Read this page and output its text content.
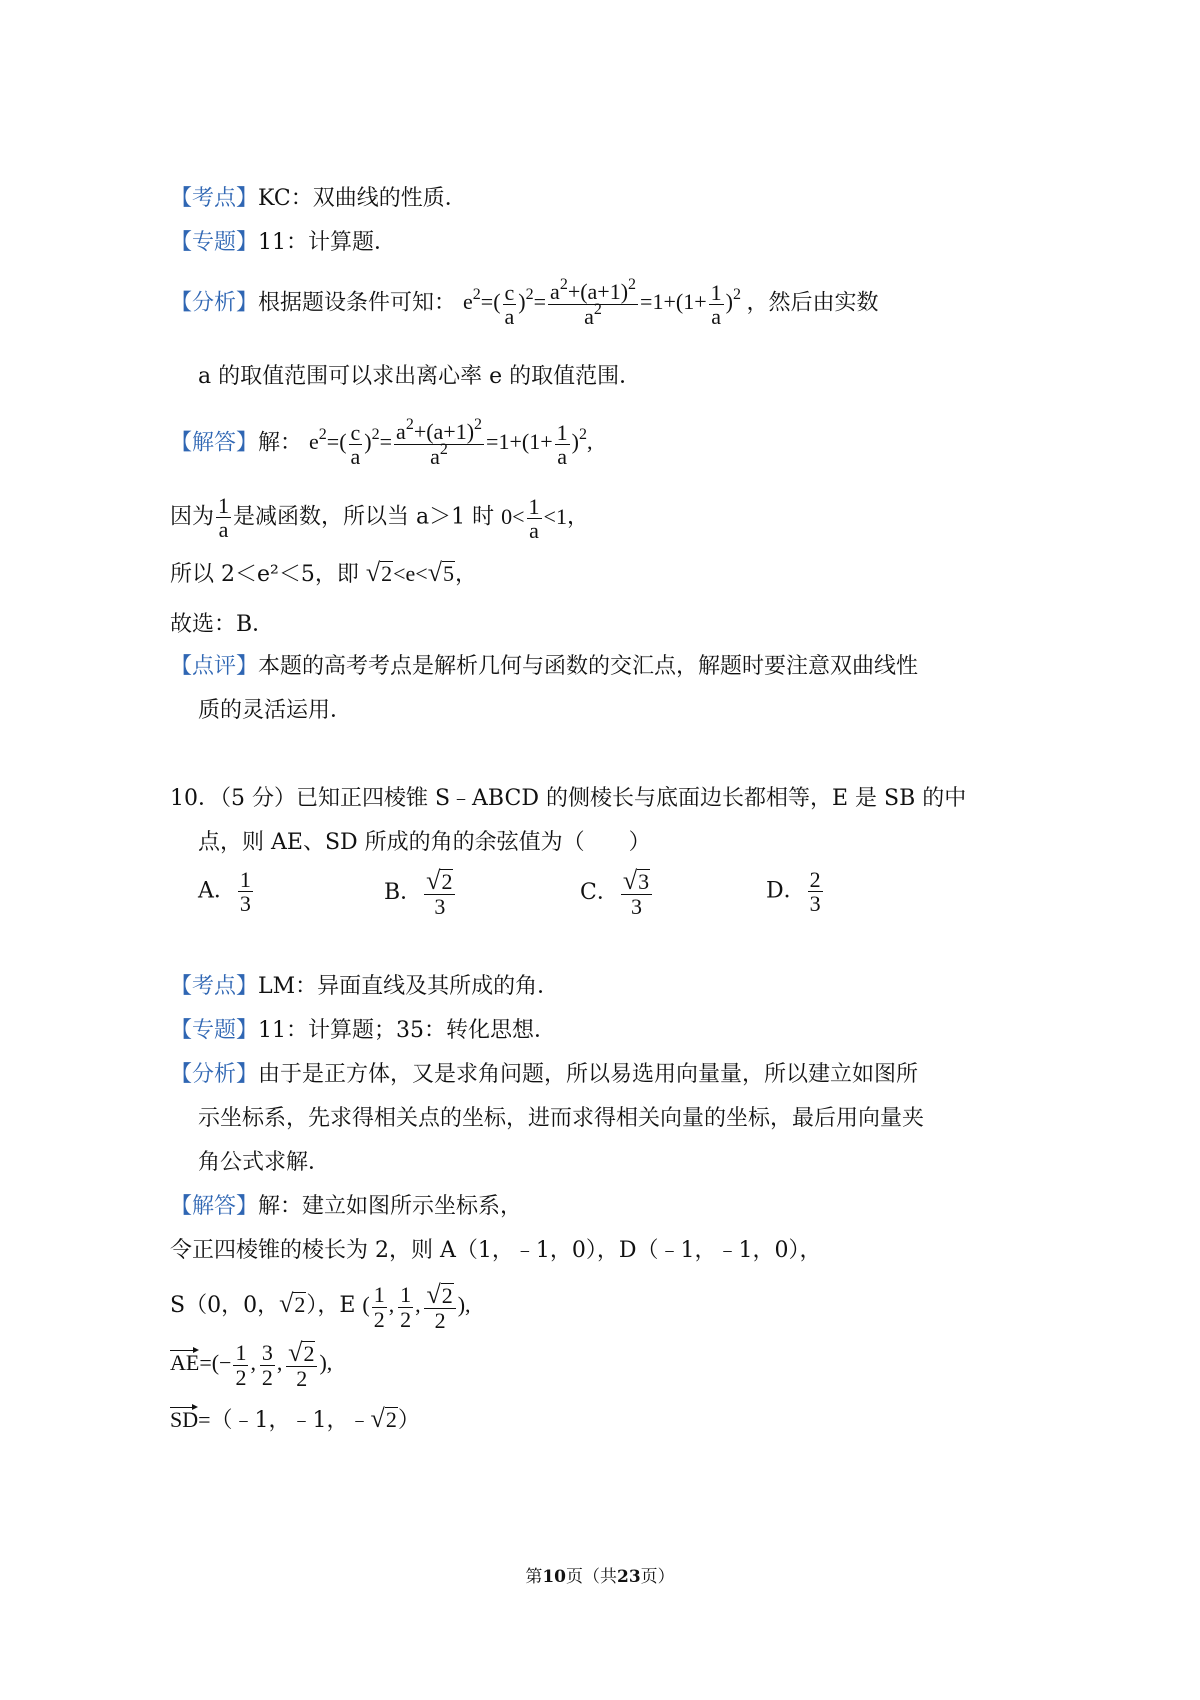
【考点】KC：双曲线的性质．
【专题】11：计算题．
【分析】根据题设条件可知： $e^2=( \frac{c}{a} )^2= \frac{a^2+(a+1)^2}{a^2} =1+(1+ \frac{1}{a} )^2$ ，然后由实数
a 的取值范围可以求出离心率 e 的取值范围．
【解答】解： $e^2=( \frac{c}{a} )^2= \frac{a^2+(a+1)^2}{a^2} =1+(1+ \frac{1}{a} )^2$,
因为 $\frac{1}{a}$ 是减函数，所以当 a＞1 时 $0< \frac{1}{a} <1$，
所以 2＜e²＜5，即 √ 2 <e< √ 5 ，
故选：B．
【点评】本题的高考考点是解析几何与函数的交汇点，解题时要注意双曲线性
质的灵活运用．
10．（5 分）已知正四棱锥 S﹣ABCD 的侧棱长与底面边长都相等，E 是 SB 的中
点，则 AE、SD 所成的角的余弦值为（　　）
A． $\frac{1}{3}$	B． $\frac{√ 2}{3}$	C． $\frac{√ 3}{3}$	D． $\frac{2}{3}$
【考点】LM：异面直线及其所成的角．
【专题】11：计算题；35：转化思想．
【分析】由于是正方体，又是求角问题，所以易选用向量量，所以建立如图所
示坐标系，先求得相关点的坐标，进而求得相关向量的坐标，最后用向量夹
角公式求解．
【解答】解：建立如图所示坐标系，
令正四棱锥的棱长为 2，则 A（1，﹣1，0），D（﹣1，﹣1，0），
S（0，0， √ 2 ），E ( $\frac{1}{2}$ ,  $\frac{1}{2}$ ,  $\frac{√ 2}{2}$ ),
$AE=(- \frac{1}{2}$ ,  $\frac{3}{2}$ ,  $\frac{√ 2}{2}$ ),
SD=（﹣1，﹣1，﹣ √ 2 ）
第10页（共23页）
